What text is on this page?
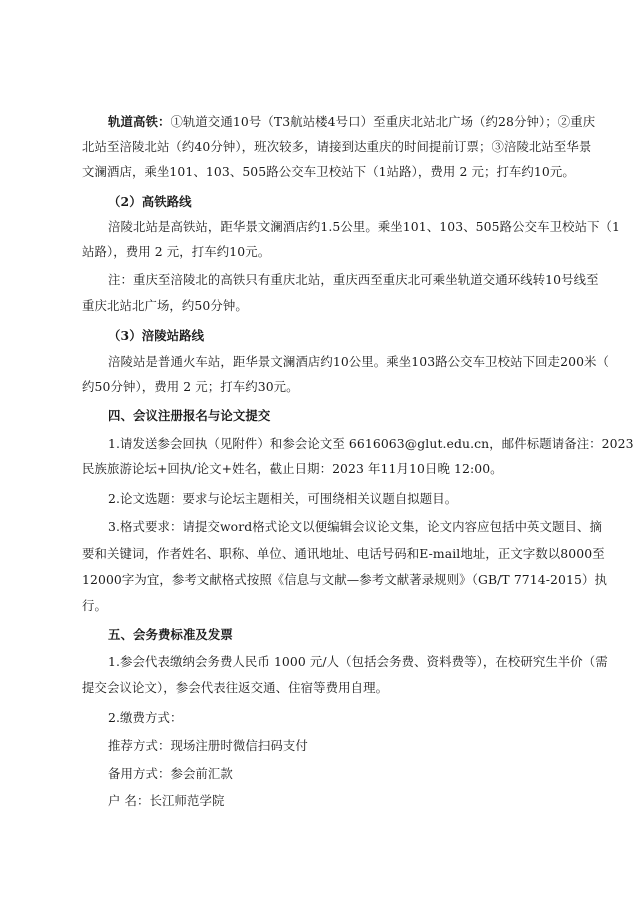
轨道高铁：①轨道交通10号（T3航站楼4号口）至重庆北站北广场（约28分钟）；②重庆
北站至涪陵北站（约40分钟），班次较多，请接到达重庆的时间提前订票；③涪陵北站至华景
文澜酒店，乘坐101、103、505路公交车卫校站下（1站路），费用 2 元；打车约10元。
（2）高铁路线
涪陵北站是高铁站，距华景文澜酒店约1.5公里。乘坐101、103、505路公交车卫校站下（1
站路），费用 2 元，打车约10元。
注：重庆至涪陵北的高铁只有重庆北站，重庆西至重庆北可乘坐轨道交通环线转10号线至
重庆北站北广场，约50分钟。
（3）涪陵站路线
涪陵站是普通火车站，距华景文澜酒店约10公里。乘坐103路公交车卫校站下回走200米（
约50分钟），费用 2 元；打车约30元。
四、会议注册报名与论文提交
1.请发送参会回执（见附件）和参会论文至 6616063@glut.edu.cn，邮件标题请备注：2023
民族旅游论坛+回执/论文+姓名，截止日期：2023 年11月10日晚 12:00。
2.论文选题：要求与论坛主题相关，可围绕相关议题自拟题目。
3.格式要求：请提交word格式论文以便编辑会议论文集，论文内容应包括中英文题目、摘
要和关键词，作者姓名、职称、单位、通讯地址、电话号码和E-mail地址，正文字数以8000至
12000字为宜，参考文献格式按照《信息与文献—参考文献著录规则》（GB/T 7714-2015）执
行。
五、会务费标准及发票
1.参会代表缴纳会务费人民币 1000 元/人（包括会务费、资料费等），在校研究生半价（需
提交会议论文），参会代表往返交通、住宿等费用自理。
2.缴费方式：
推荐方式：现场注册时微信扫码支付
备用方式：参会前汇款
户 名：长江师范学院
